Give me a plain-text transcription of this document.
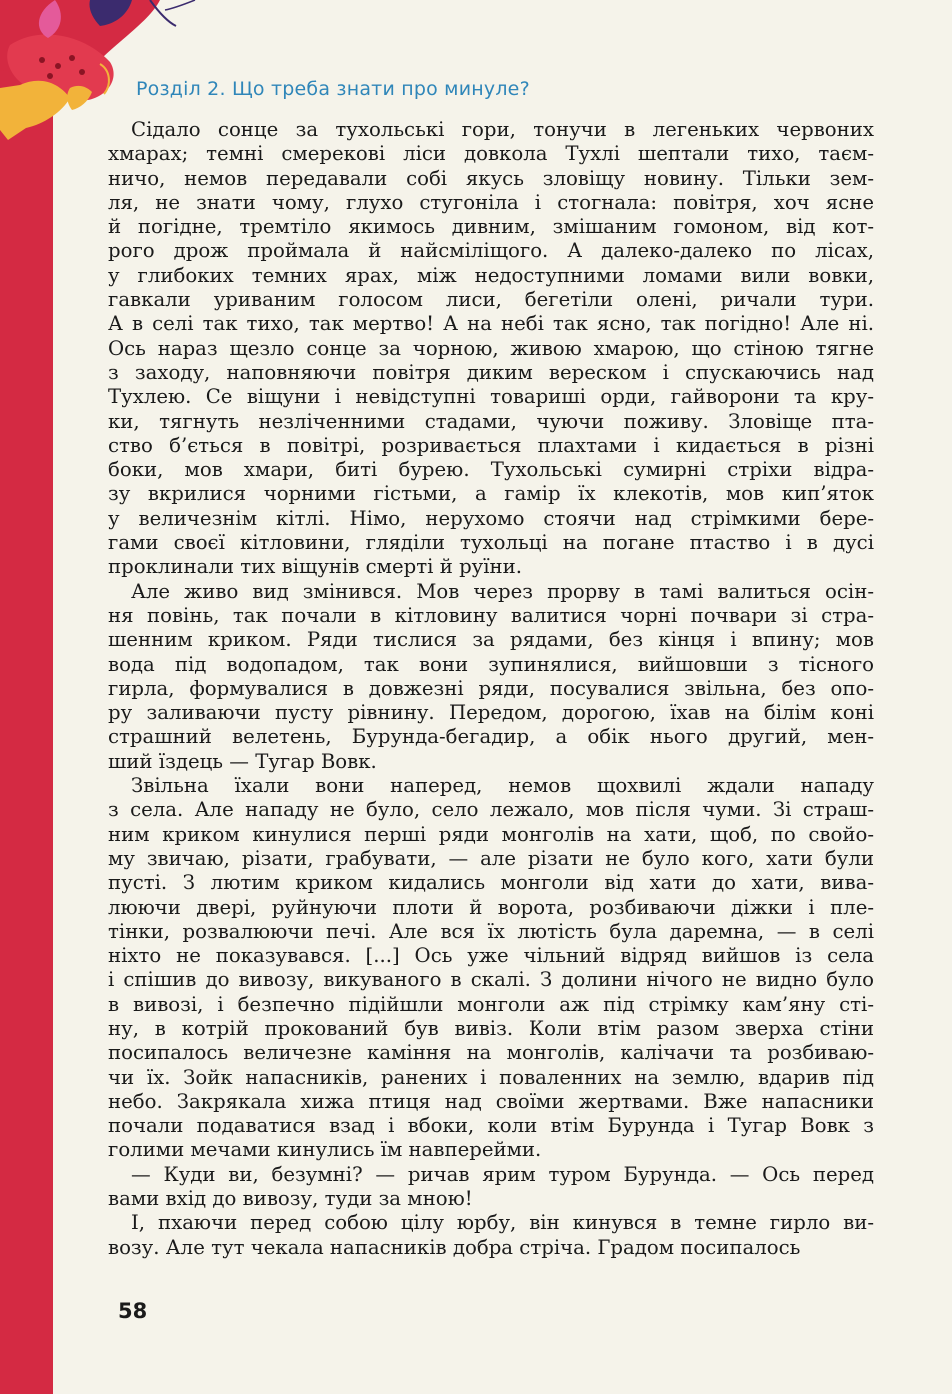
Розділ 2. Що треба знати про минуле?
Сідало сонце за тухольські гори, тонучи в легеньких червоних
хмарах; темні смерекові ліси довкола Тухлі шептали тихо, таєм-
ничо, немов передавали собі якусь зловіщу новину. Тільки зем-
ля, не знати чому, глухо стугоніла і стогнала: повітря, хоч ясне
й погідне, тремтіло якимось дивним, змішаним гомоном, від кот-
рого дрож проймала й найсміліщого. А далеко-далеко по лісах,
у глибоких темних ярах, між недоступними ломами вили вовки,
гавкали уриваним голосом лиси, бегетіли олені, ричали тури.
А в селі так тихо, так мертво! А на небі так ясно, так погідно! Але ні.
Ось нараз щезло сонце за чорною, живою хмарою, що стіною тягне
з заходу, наповняючи повітря диким вереском і спускаючись над
Тухлею. Се віщуни і невідступні товариші орди, гайворони та кру-
ки, тягнуть незліченними стадами, чуючи поживу. Зловіще пта-
ство б’ється в повітрі, розривається плахтами і кидається в різні
боки, мов хмари, биті бурею. Тухольські сумирні стріхи відра-
зу вкрилися чорними гістьми, а гамір їх клекотів, мов кип’яток
у величезнім кітлі. Німо, нерухомо стоячи над стрімкими бере-
гами своєї кітловини, гляділи тухольці на погане птаство і в дусі
проклинали тих віщунів смерті й руїни.
Але живо вид змінився. Мов через прорву в тамі валиться осін-
ня повінь, так почали в кітловину валитися чорні почвари зі стра-
шенним криком. Ряди тислися за рядами, без кінця і впину; мов
вода під водопадом, так вони зупинялися, вийшовши з тісного
гирла, формувалися в довжезні ряди, посувалися звільна, без опо-
ру заливаючи пусту рівнину. Передом, дорогою, їхав на білім коні
страшний велетень, Бурунда-бегадир, а обік нього другий, мен-
ший їздець — Тугар Вовк.
Звільна їхали вони наперед, немов щохвилі ждали нападу
з села. Але нападу не було, село лежало, мов після чуми. Зі страш-
ним криком кинулися перші ряди монголів на хати, щоб, по свойо-
му звичаю, різати, грабувати, — але різати не було кого, хати були
пусті. З лютим криком кидались монголи від хати до хати, вива-
люючи двері, руйнуючи плоти й ворота, розбиваючи діжки і пле-
тінки, розвалюючи печі. Але вся їх лютість була даремна, — в селі
ніхто не показувався. [...] Ось уже чільний відряд вийшов із села
і спішив до вивозу, викуваного в скалі. З долини нічого не видно було
в вивозі, і безпечно підійшли монголи аж під стрімку кам’яну сті-
ну, в котрій прокований був вивіз. Коли втім разом зверха стіни
посипалось величезне каміння на монголів, калічачи та розбиваю-
чи їх. Зойк напасників, ранених і поваленних на землю, вдарив під
небо. Закрякала хижа птиця над своїми жертвами. Вже напасники
почали подаватися взад і вбоки, коли втім Бурунда і Тугар Вовк з
голими мечами кинулись їм навперейми.
— Куди ви, безумні? — ричав ярим туром Бурунда. — Ось перед
вами вхід до вивозу, туди за мною!
І, пхаючи перед собою цілу юрбу, він кинувся в темне гирло ви-
возу. Але тут чекала напасників добра стріча. Градом посипалось
58
